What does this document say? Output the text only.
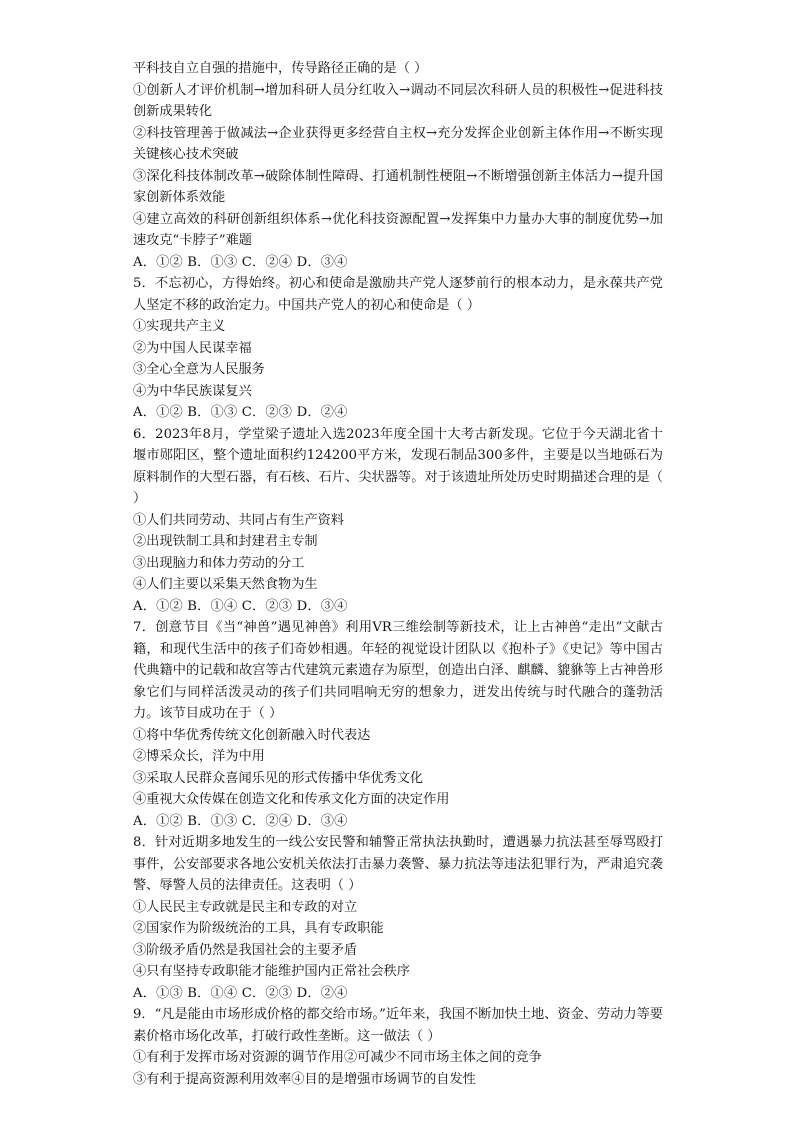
平科技自立自强的措施中，传导路径正确的是（ ）
①创新人才评价机制→增加科研人员分红收入→调动不同层次科研人员的积极性→促进科技创新成果转化
②科技管理善于做减法→企业获得更多经营自主权→充分发挥企业创新主体作用→不断实现关键核心技术突破
③深化科技体制改革→破除体制性障碍、打通机制性梗阻→不断增强创新主体活力→提升国家创新体系效能
④建立高效的科研创新组织体系→优化科技资源配置→发挥集中力量办大事的制度优势→加速攻克“卡脖子”难题
A．①② B．①③ C．②④ D．③④
5．不忘初心，方得始终。初心和使命是激励共产党人逐梦前行的根本动力，是永葆共产党人坚定不移的政治定力。中国共产党人的初心和使命是（ ）
①实现共产主义
②为中国人民谋幸福
③全心全意为人民服务
④为中华民族谋复兴
A．①② B．①③ C．②③ D．②④
6．2023年8月，学堂梁子遗址入选2023年度全国十大考古新发现。它位于今天湖北省十堰市郧阳区，整个遗址面积约124200平方米，发现石制品300多件，主要是以当地砾石为原料制作的大型石器，有石核、石片、尖状器等。对于该遗址所处历史时期描述合理的是（ ）
①人们共同劳动、共同占有生产资料
②出现铁制工具和封建君主专制
③出现脑力和体力劳动的分工
④人们主要以采集天然食物为生
A．①② B．①④ C．②③ D．③④
7．创意节目《当“神兽”遇见神兽》利用VR三维绘制等新技术，让上古神兽“走出”文献古籍，和现代生活中的孩子们奇妙相遇。年轻的视觉设计团队以《抱朴子》《史记》等中国古代典籍中的记载和故宫等古代建筑元素遗存为原型，创造出白泽、麒麟、貔貅等上古神兽形象它们与同样活泼灵动的孩子们共同唱响无穷的想象力，迸发出传统与时代融合的蓬勃活力。该节目成功在于（ ）
①将中华优秀传统文化创新融入时代表达
②博采众长，洋为中用
③采取人民群众喜闻乐见的形式传播中华优秀文化
④重视大众传媒在创造文化和传承文化方面的决定作用
A．①② B．①③ C．②④ D．③④
8．针对近期多地发生的一线公安民警和辅警正常执法执勤时，遭遇暴力抗法甚至辱骂殴打事件，公安部要求各地公安机关依法打击暴力袭警、暴力抗法等违法犯罪行为，严肃追究袭警、辱警人员的法律责任。这表明（ ）
①人民民主专政就是民主和专政的对立
②国家作为阶级统治的工具，具有专政职能
③阶级矛盾仍然是我国社会的主要矛盾
④只有坚持专政职能才能维护国内正常社会秩序
A．①③ B．①④ C．②③ D．②④
9．“凡是能由市场形成价格的都交给市场。”近年来，我国不断加快土地、资金、劳动力等要素价格市场化改革，打破行政性垄断。这一做法（ ）
①有利于发挥市场对资源的调节作用②可减少不同市场主体之间的竞争
③有利于提高资源利用效率④目的是增强市场调节的自发性
